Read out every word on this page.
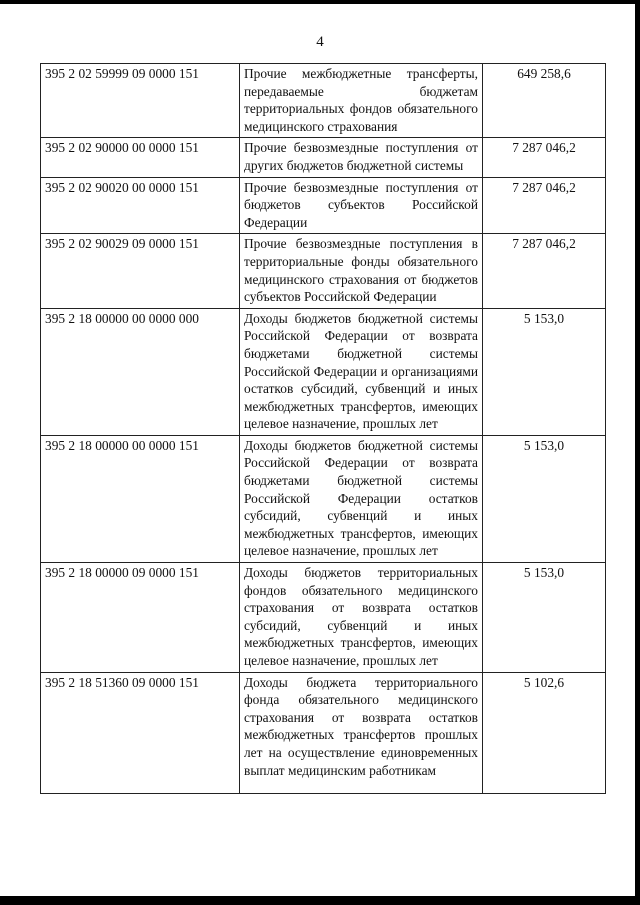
4
395 2 02 59999 09 0000 151	Прочие межбюджетные трансферты, передаваемые бюджетам территориальных фондов обязательного медицинского страхования	649 258,6
395 2 02 90000 00 0000 151	Прочие безвозмездные поступления от других бюджетов бюджетной системы	7 287 046,2
395 2 02 90020 00 0000 151	Прочие безвозмездные поступления от бюджетов субъектов Российской Федерации	7 287 046,2
395 2 02 90029 09 0000 151	Прочие безвозмездные поступления в территориальные фонды обязательного медицинского страхования от бюджетов субъектов Российской Федерации	7 287 046,2
395 2 18 00000 00 0000 000	Доходы бюджетов бюджетной системы Российской Федерации от возврата бюджетами бюджетной системы Российской Федерации и организациями остатков субсидий, субвенций и иных межбюджетных трансфертов, имеющих целевое назначение, прошлых лет	5 153,0
395 2 18 00000 00 0000 151	Доходы бюджетов бюджетной системы Российской Федерации от возврата бюджетами бюджетной системы Российской Федерации остатков субсидий, субвенций и иных межбюджетных трансфертов, имеющих целевое назначение, прошлых лет	5 153,0
395 2 18 00000 09 0000 151	Доходы бюджетов территориальных фондов обязательного медицинского страхования от возврата остатков субсидий, субвенций и иных межбюджетных трансфертов, имеющих целевое назначение, прошлых лет	5 153,0
395 2 18 51360 09 0000 151	Доходы бюджета территориального фонда обязательного медицинского страхования от возврата остатков межбюджетных трансфертов прошлых лет на осуществление единовременных выплат медицинским работникам	5 102,6
